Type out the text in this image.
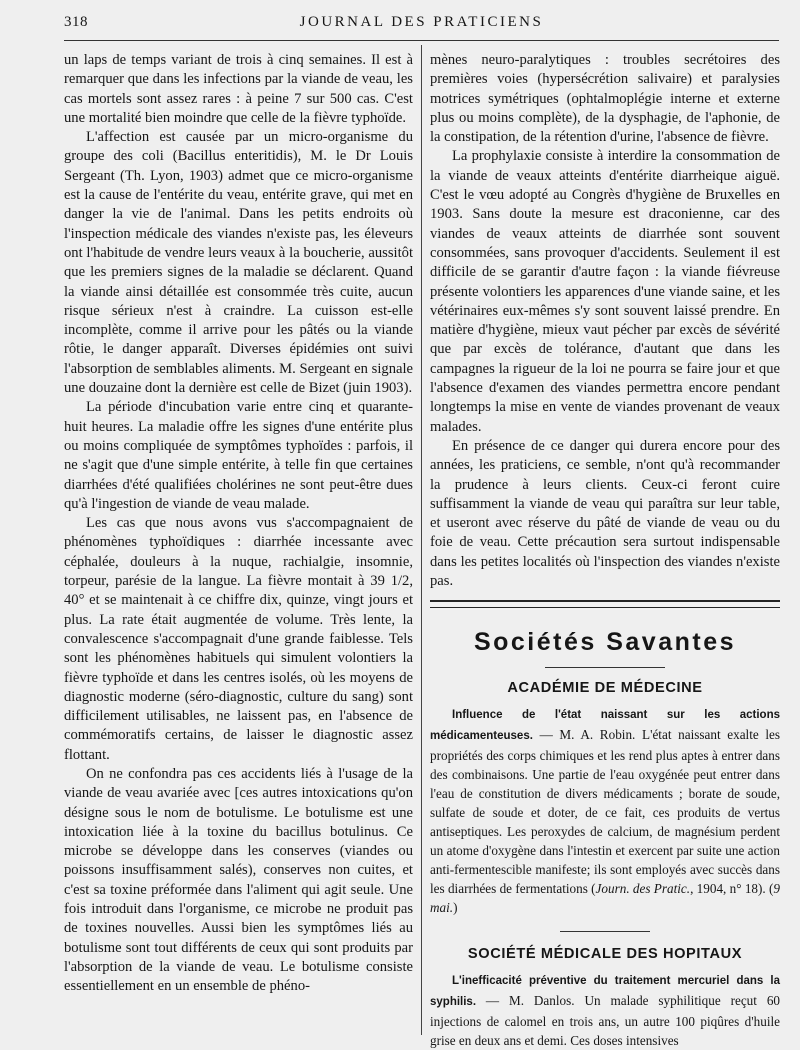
318	JOURNAL DES PRATICIENS

un laps de temps variant de trois à cinq semaines. Il est à remarquer que dans les infections par la viande de veau, les cas mortels sont assez rares : à peine 7 sur 500 cas. C'est une mortalité bien moindre que celle de la fièvre typhoïde.

L'affection est causée par un micro-organisme du groupe des coli (Bacillus enteritidis), M. le Dr Louis Sergeant (Th. Lyon, 1903) admet que ce micro-organisme est la cause de l'entérite du veau, entérite grave, qui met en danger la vie de l'animal. Dans les petits endroits où l'inspection médicale des viandes n'existe pas, les éleveurs ont l'habitude de vendre leurs veaux à la boucherie, aussitôt que les premiers signes de la maladie se déclarent. Quand la viande ainsi détaillée est consommée très cuite, aucun risque sérieux n'est à craindre. La cuisson est-elle incomplète, comme il arrive pour les pâtés ou la viande rôtie, le danger apparaît. Diverses épidémies ont suivi l'absorption de semblables aliments. M. Sergeant en signale une douzaine dont la dernière est celle de Bizet (juin 1903).

La période d'incubation varie entre cinq et quarante-huit heures. La maladie offre les signes d'une entérite plus ou moins compliquée de symptômes typhoïdes : parfois, il ne s'agit que d'une simple entérite, à telle fin que certaines diarrhées d'été qualifiées cholérines ne sont peut-être dues qu'à l'ingestion de viande de veau malade.

Les cas que nous avons vus s'accompagnaient de phénomènes typhoïdiques : diarrhée incessante avec céphalée, douleurs à la nuque, rachialgie, insomnie, torpeur, parésie de la langue. La fièvre montait à 39 1/2, 40° et se maintenait à ce chiffre dix, quinze, vingt jours et plus. La rate était augmentée de volume. Très lente, la convalescence s'accompagnait d'une grande faiblesse. Tels sont les phénomènes habituels qui simulent volontiers la fièvre typhoïde et dans les centres isolés, où les moyens de diagnostic moderne (séro-diagnostic, culture du sang) sont difficilement utilisables, ne laissent pas, en l'absence de commémoratifs certains, de laisser le diagnostic assez flottant.

On ne confondra pas ces accidents liés à l'usage de la viande de veau avariée avec [ces autres intoxications qu'on désigne sous le nom de botulisme. Le botulisme est une intoxication liée à la toxine du bacillus botulinus. Ce microbe se développe dans les conserves (viandes ou poissons insuffisamment salés), conserves non cuites, et c'est sa toxine préformée dans l'aliment qui agit seule. Une fois introduit dans l'organisme, ce microbe ne produit pas de toxines nouvelles. Aussi bien les symptômes liés au botulisme sont tout différents de ceux qui sont produits par l'absorption de la viande de veau. Le botulisme consiste essentiellement en un ensemble de phéno-

mènes neuro-paralytiques : troubles secrétoires des premières voies (hypersécrétion salivaire) et paralysies motrices symétriques (ophtalmoplégie interne et externe plus ou moins complète), de la dysphagie, de l'aphonie, de la constipation, de la rétention d'urine, l'absence de fièvre.

La prophylaxie consiste à interdire la consommation de la viande de veaux atteints d'entérite diarrheique aiguë. C'est le vœu adopté au Congrès d'hygiène de Bruxelles en 1903. Sans doute la mesure est draconienne, car des viandes de veaux atteints de diarrhée sont souvent consommées, sans provoquer d'accidents. Seulement il est difficile de se garantir d'autre façon : la viande fiévreuse présente volontiers les apparences d'une viande saine, et les vétérinaires eux-mêmes s'y sont souvent laissé prendre. En matière d'hygiène, mieux vaut pécher par excès de sévérité que par excès de tolérance, d'autant que dans les campagnes la rigueur de la loi ne pourra se faire jour et que l'absence d'examen des viandes permettra encore pendant longtemps la mise en vente de viandes provenant de veaux malades.

En présence de ce danger qui durera encore pour des années, les praticiens, ce semble, n'ont qu'à recommander la prudence à leurs clients. Ceux-ci feront cuire suffisamment la viande de veau qui paraîtra sur leur table, et useront avec réserve du pâté de viande de veau ou du foie de veau. Cette précaution sera surtout indispensable dans les petites localités où l'inspection des viandes n'existe pas.

Sociétés Savantes
ACADÉMIE DE MÉDECINE

Influence de l'état naissant sur les actions médicamenteuses. — M. A. Robin. L'état naissant exalte les propriétés des corps chimiques et les rend plus aptes à entrer dans des combinaisons. Une partie de l'eau oxygénée peut entrer dans l'eau de constitution de divers médicaments ; borate de soude, sulfate de soude et doter, de ce fait, ces produits de vertus antiseptiques. Les peroxydes de calcium, de magnésium perdent un atome d'oxygène dans l'intestin et exercent par suite une action anti-fermentescible manifeste; ils sont employés avec succès dans les diarrhées de fermentations (Journ. des Pratic., 1904, n° 18). (9 mai.)

SOCIÉTÉ MÉDICALE DES HOPITAUX

L'inefficacité préventive du traitement mercuriel dans la syphilis. — M. Danlos. Un malade syphilitique reçut 60 injections de calomel en trois ans, un autre 100 piqûres d'huile grise en deux ans et demi. Ces doses intensives
